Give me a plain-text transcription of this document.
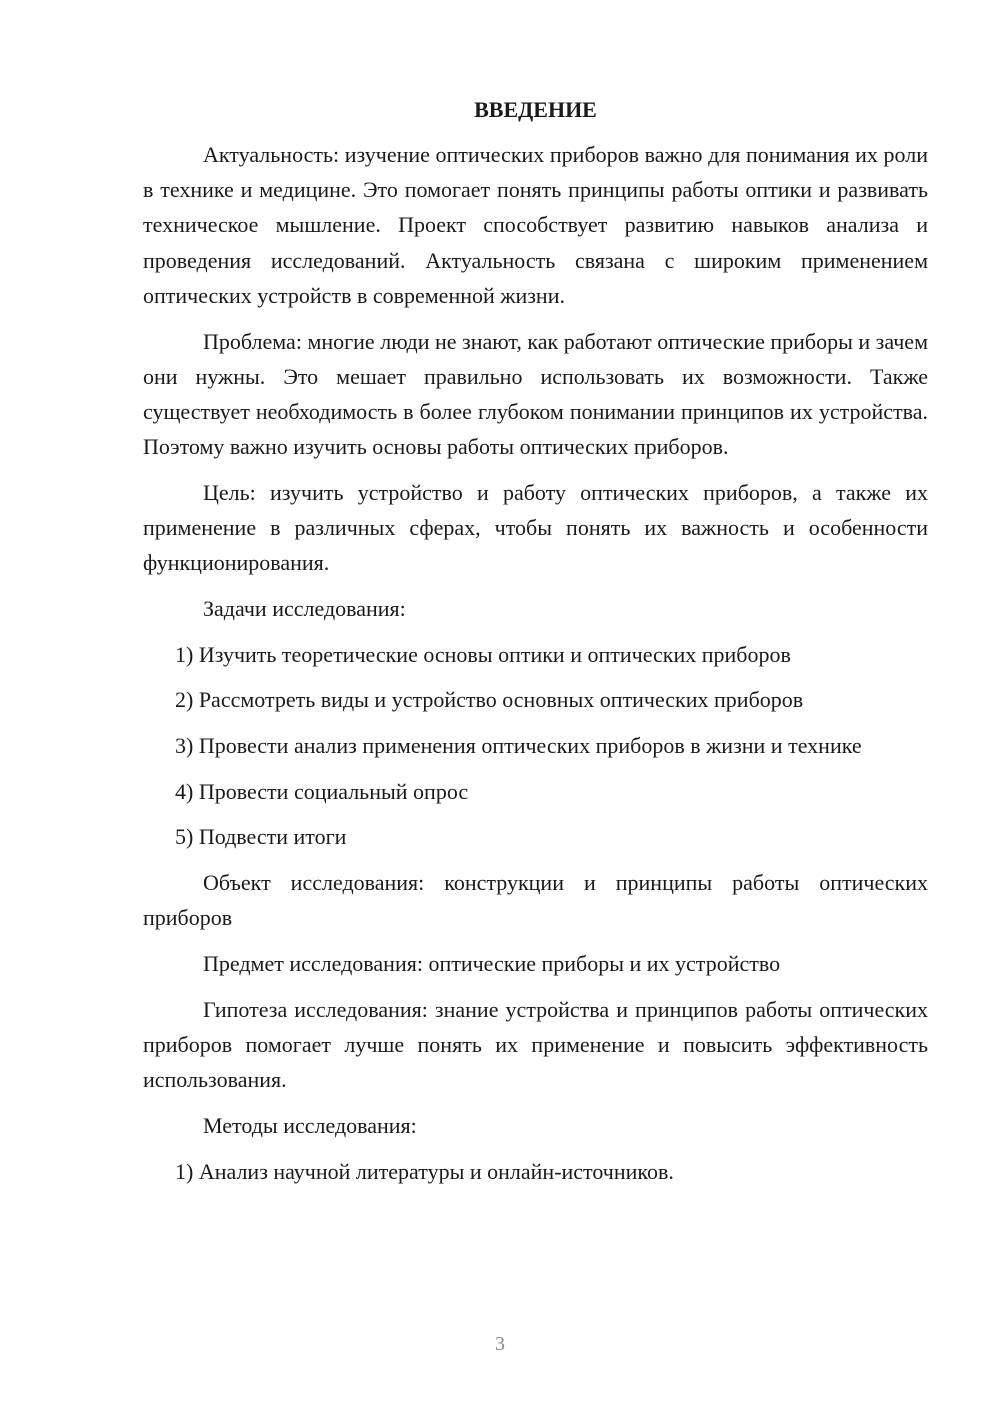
ВВЕДЕНИЕ

Актуальность: изучение оптических приборов важно для понимания их роли в технике и медицине. Это помогает понять принципы работы оптики и развивать техническое мышление. Проект способствует развитию навыков анализа и проведения исследований. Актуальность связана с широким применением оптических устройств в современной жизни.

Проблема: многие люди не знают, как работают оптические приборы и зачем они нужны. Это мешает правильно использовать их возможности. Также существует необходимость в более глубоком понимании принципов их устройства. Поэтому важно изучить основы работы оптических приборов.

Цель: изучить устройство и работу оптических приборов, а также их применение в различных сферах, чтобы понять их важность и особенности функционирования.

Задачи исследования:

1) Изучить теоретические основы оптики и оптических приборов

2) Рассмотреть виды и устройство основных оптических приборов

3) Провести анализ применения оптических приборов в жизни и технике

4) Провести социальный опрос

5) Подвести итоги

Объект исследования: конструкции и принципы работы оптических приборов

Предмет исследования: оптические приборы и их устройство

Гипотеза исследования: знание устройства и принципов работы оптических приборов помогает лучше понять их применение и повысить эффективность использования.

Методы исследования:

1) Анализ научной литературы и онлайн-источников.

3
